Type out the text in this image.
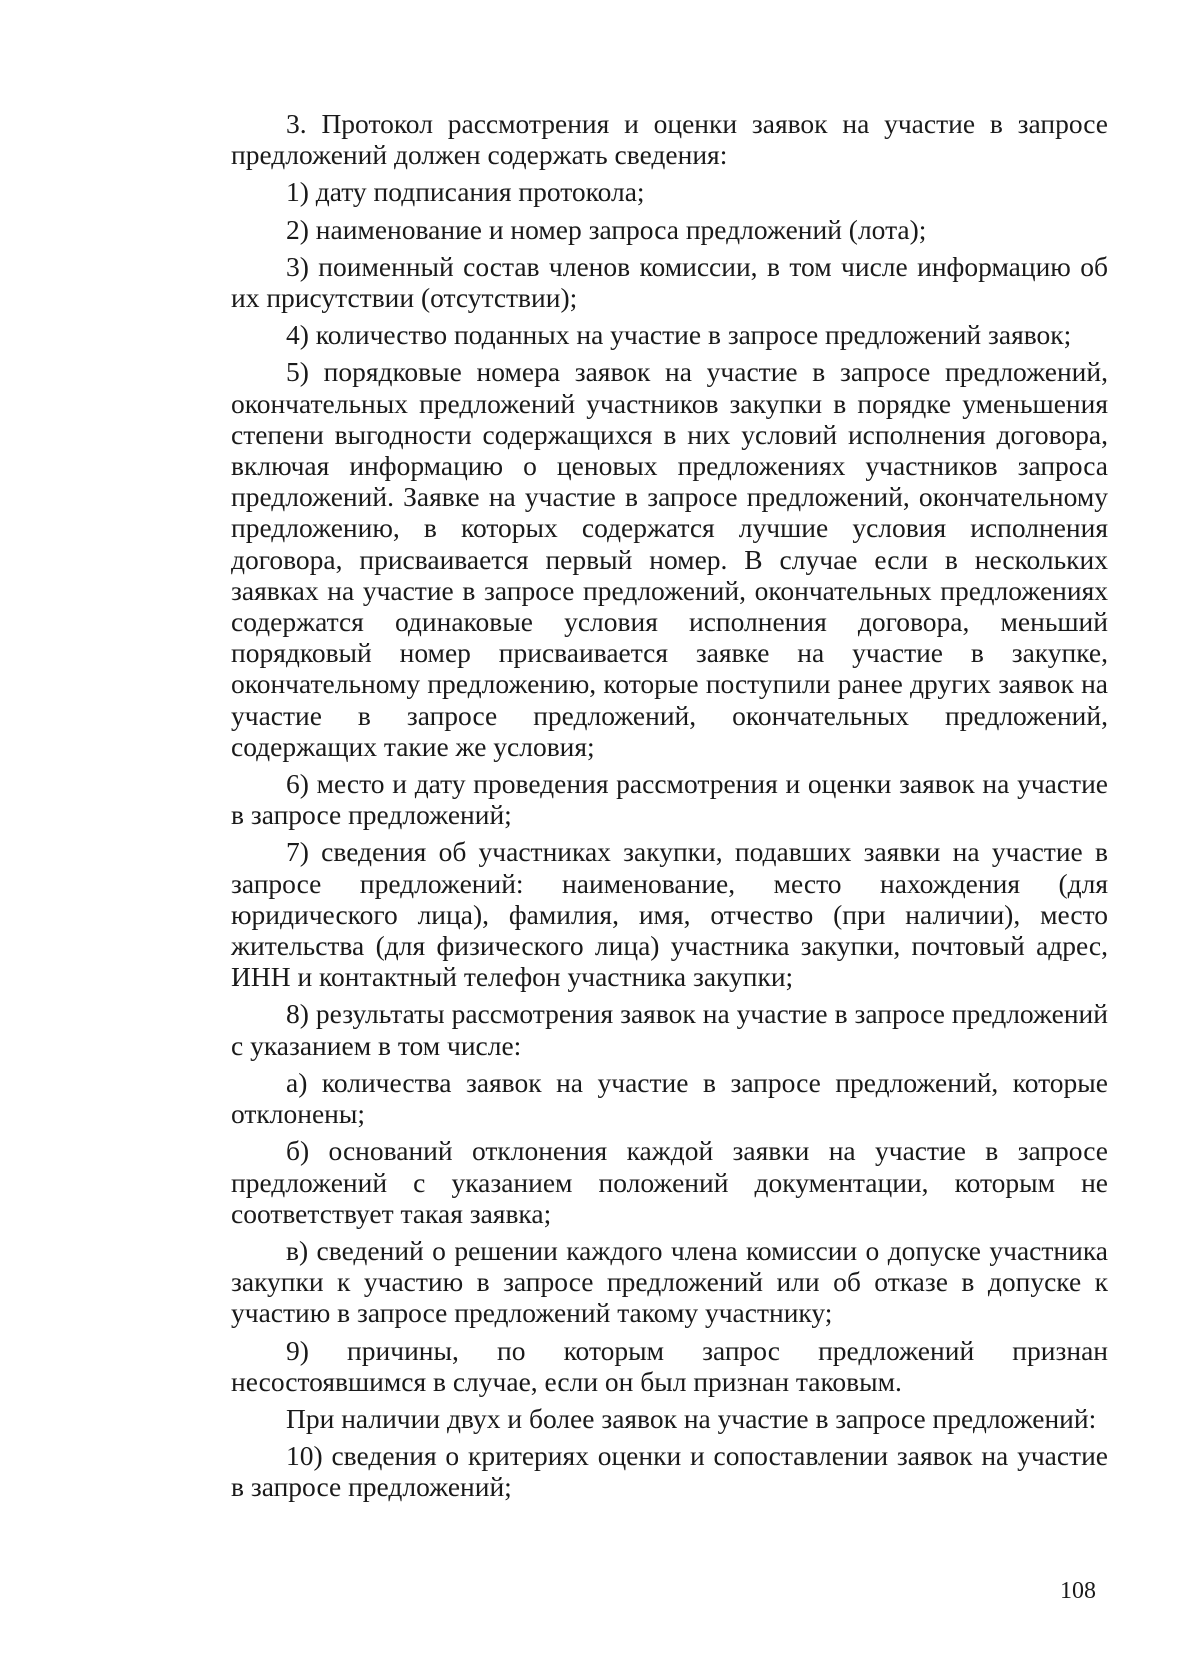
3. Протокол рассмотрения и оценки заявок на участие в запросе предложений должен содержать сведения:

1) дату подписания протокола;

2) наименование и номер запроса предложений (лота);

3) поименный состав членов комиссии, в том числе информацию об их присутствии (отсутствии);

4) количество поданных на участие в запросе предложений заявок;

5) порядковые номера заявок на участие в запросе предложений, окончательных предложений участников закупки в порядке уменьшения степени выгодности содержащихся в них условий исполнения договора, включая информацию о ценовых предложениях участников запроса предложений. Заявке на участие в запросе предложений, окончательному предложению, в которых содержатся лучшие условия исполнения договора, присваивается первый номер. В случае если в нескольких заявках на участие в запросе предложений, окончательных предложениях содержатся одинаковые условия исполнения договора, меньший порядковый номер присваивается заявке на участие в закупке, окончательному предложению, которые поступили ранее других заявок на участие в запросе предложений, окончательных предложений, содержащих такие же условия;

6) место и дату проведения рассмотрения и оценки заявок на участие в запросе предложений;

7) сведения об участниках закупки, подавших заявки на участие в запросе предложений: наименование, место нахождения (для юридического лица), фамилия, имя, отчество (при наличии), место жительства (для физического лица) участника закупки, почтовый адрес, ИНН и контактный телефон участника закупки;

8) результаты рассмотрения заявок на участие в запросе предложений с указанием в том числе:

а) количества заявок на участие в запросе предложений, которые отклонены;

б) оснований отклонения каждой заявки на участие в запросе предложений с указанием положений документации, которым не соответствует такая заявка;

в) сведений о решении каждого члена комиссии о допуске участника закупки к участию в запросе предложений или об отказе в допуске к участию в запросе предложений такому участнику;

9) причины, по которым запрос предложений признан несостоявшимся в случае, если он был признан таковым.

При наличии двух и более заявок на участие в запросе предложений:

10) сведения о критериях оценки и сопоставлении заявок на участие в запросе предложений;

108
